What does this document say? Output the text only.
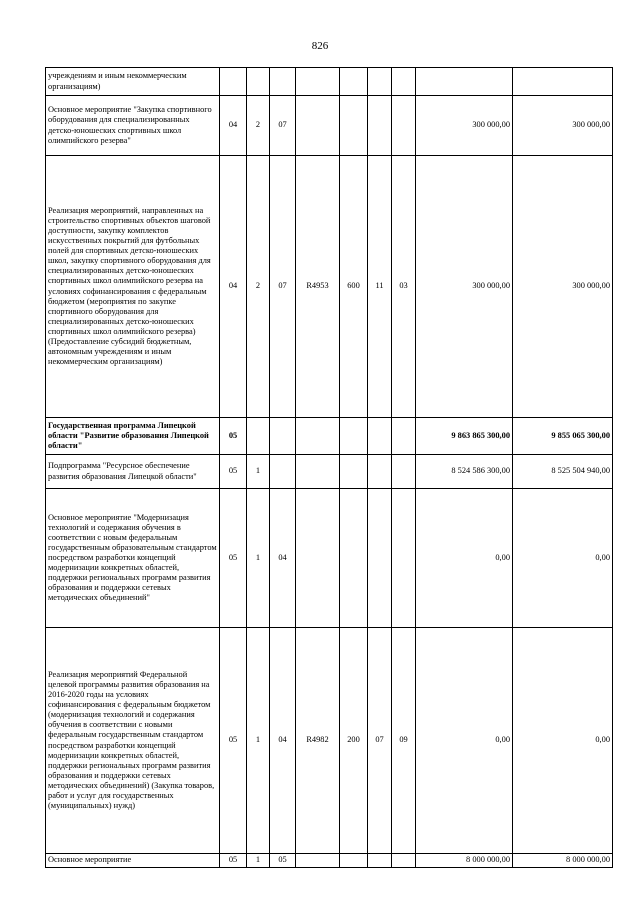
826
учреждениям и иным некоммерческим организациям)									
Основное мероприятие "Закупка спортивного оборудования для специализированных детско-юношеских спортивных школ олимпийского резерва"	04	2	07					300 000,00	300 000,00
Реализация мероприятий, направленных на строительство спортивных объектов шаговой доступности, закупку комплектов искусственных покрытий для футбольных полей для спортивных детско-юношеских школ, закупку спортивного оборудования для специализированных детско-юношеских спортивных школ олимпийского резерва на условиях софинансирования с федеральным бюджетом (мероприятия по закупке спортивного оборудования для специализированных детско-юношеских спортивных школ олимпийского резерва) (Предоставление субсидий бюджетным, автономным учреждениям и иным некоммерческим организациям)	04	2	07	R4953	600	11	03	300 000,00	300 000,00
Государственная программа Липецкой области "Развитие образования Липецкой области"	05							9 863 865 300,00	9 855 065 300,00
Подпрограмма "Ресурсное обеспечение развития образования Липецкой области"	05	1						8 524 586 300,00	8 525 504 940,00
Основное мероприятие "Модернизация технологий и содержания обучения в соответствии с новым федеральным государственным образовательным стандартом посредством разработки концепций модернизации конкретных областей, поддержки региональных программ развития образования и поддержки сетевых методических объединений"	05	1	04					0,00	0,00
Реализация мероприятий Федеральной целевой программы развития образования на 2016-2020 годы на условиях софинансирования с федеральным бюджетом (модернизация технологий и содержания обучения в соответствии с новыми федеральным государственным стандартом посредством разработки концепций модернизации конкретных областей, поддержки региональных программ развития образования и поддержки сетевых методических объединений) (Закупка товаров, работ и услуг для государственных (муниципальных) нужд)	05	1	04	R4982	200	07	09	0,00	0,00
Основное мероприятие	05	1	05					8 000 000,00	8 000 000,00
